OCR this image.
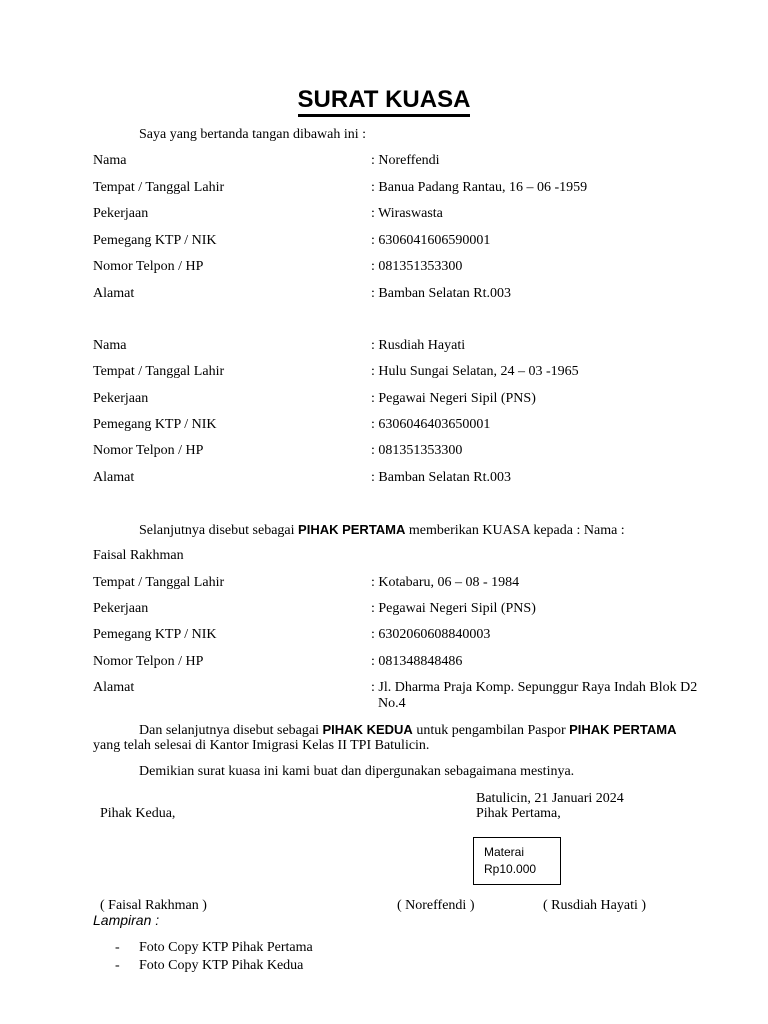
SURAT KUASA
Saya yang bertanda tangan dibawah ini :
Nama	: Noreffendi
Tempat / Tanggal Lahir	: Banua Padang Rantau, 16 – 06 -1959
Pekerjaan	: Wiraswasta
Pemegang KTP / NIK	: 6306041606590001
Nomor Telpon / HP	: 081351353300
Alamat	: Bamban Selatan Rt.003
Nama	: Rusdiah Hayati
Tempat / Tanggal Lahir	: Hulu Sungai Selatan, 24 – 03 -1965
Pekerjaan	: Pegawai Negeri Sipil (PNS)
Pemegang KTP / NIK	: 6306046403650001
Nomor Telpon / HP	: 081351353300
Alamat	: Bamban Selatan Rt.003
Selanjutnya disebut sebagai PIHAK PERTAMA memberikan KUASA kepada : Nama :
Faisal Rakhman
Tempat / Tanggal Lahir	: Kotabaru, 06 – 08 - 1984
Pekerjaan	: Pegawai Negeri Sipil (PNS)
Pemegang KTP / NIK	: 6302060608840003
Nomor Telpon / HP	: 081348848486
Alamat	: Jl. Dharma Praja Komp. Sepunggur Raya Indah Blok D2
No.4
Dan selanjutnya disebut sebagai PIHAK KEDUA untuk pengambilan Paspor PIHAK PERTAMA
yang telah selesai di Kantor Imigrasi Kelas II TPI Batulicin.
Demikian surat kuasa ini kami buat dan dipergunakan sebagaimana mestinya.
Batulicin, 21 Januari 2024
Pihak Kedua,	Pihak Pertama,
Materai
Rp10.000
( Faisal Rakhman )	( Noreffendi )	( Rusdiah Hayati )
Lampiran :
- Foto Copy KTP Pihak Pertama
- Foto Copy KTP Pihak Kedua
